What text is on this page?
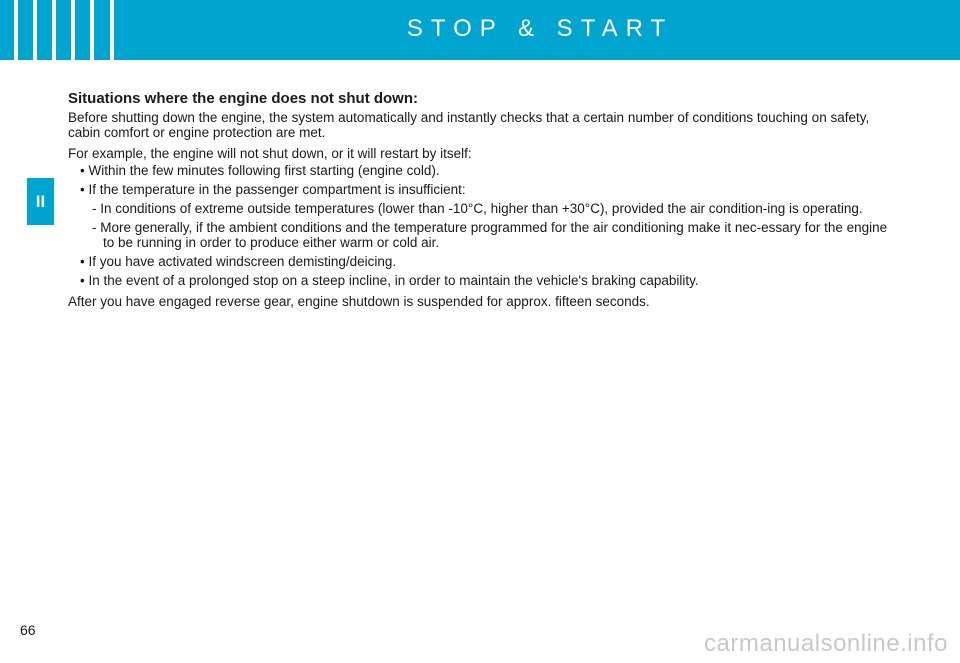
STOP & START
II

Situations where the engine does not shut down:

Before shutting down the engine, the system automatically and instantly checks that a certain number of conditions touching on safety, cabin comfort or engine protection are met.

For example, the engine will not shut down, or it will restart by itself:

• Within the few minutes following first starting (engine cold).

• If the temperature in the passenger compartment is insufficient:

- In conditions of extreme outside temperatures (lower than -10°C, higher than +30°C), provided the air condition-ing is operating.

- More generally, if the ambient conditions and the temperature programmed for the air conditioning make it nec-essary for the engine to be running in order to produce either warm or cold air.

• If you have activated windscreen demisting/deicing.

• In the event of a prolonged stop on a steep incline, in order to maintain the vehicle's braking capability.

After you have engaged reverse gear, engine shutdown is suspended for approx. fifteen seconds.

66	carmanualsonline.info
